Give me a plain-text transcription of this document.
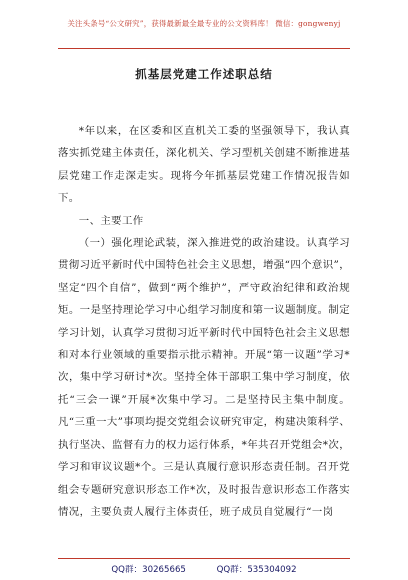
关注头条号“公文研究”，获得最新最全最专业的公文资料库！ 微信：gongwenyj
抓基层党建工作述职总结

*年以来，在区委和区直机关工委的坚强领导下，我认真落实抓党建主体责任，深化机关、学习型机关创建不断推进基层党建工作走深走实。现将今年抓基层党建工作情况报告如下。

一、主要工作

（一）强化理论武装，深入推进党的政治建设。认真学习贯彻习近平新时代中国特色社会主义思想，增强“四个意识”，坚定“四个自信”，做到“两个维护”，严守政治纪律和政治规矩。一是坚持理论学习中心组学习制度和第一议题制度。制定学习计划，认真学习贯彻习近平新时代中国特色社会主义思想和对本行业领域的重要指示批示精神。开展“第一议题”学习*次，集中学习研讨*次。坚持全体干部职工集中学习制度，依托“三会一课”开展*次集中学习。二是坚持民主集中制度。凡“三重一大”事项均提交党组会议研究审定，构建决策科学、执行坚决、监督有力的权力运行体系，*年共召开党组会*次，学习和审议议题*个。三是认真履行意识形态责任制。召开党组会专题研究意识形态工作*次，及时报告意识形态工作落实情况，主要负责人履行主体责任，班子成员自觉履行“一岗

QQ群：30265665	QQ群：535304092
